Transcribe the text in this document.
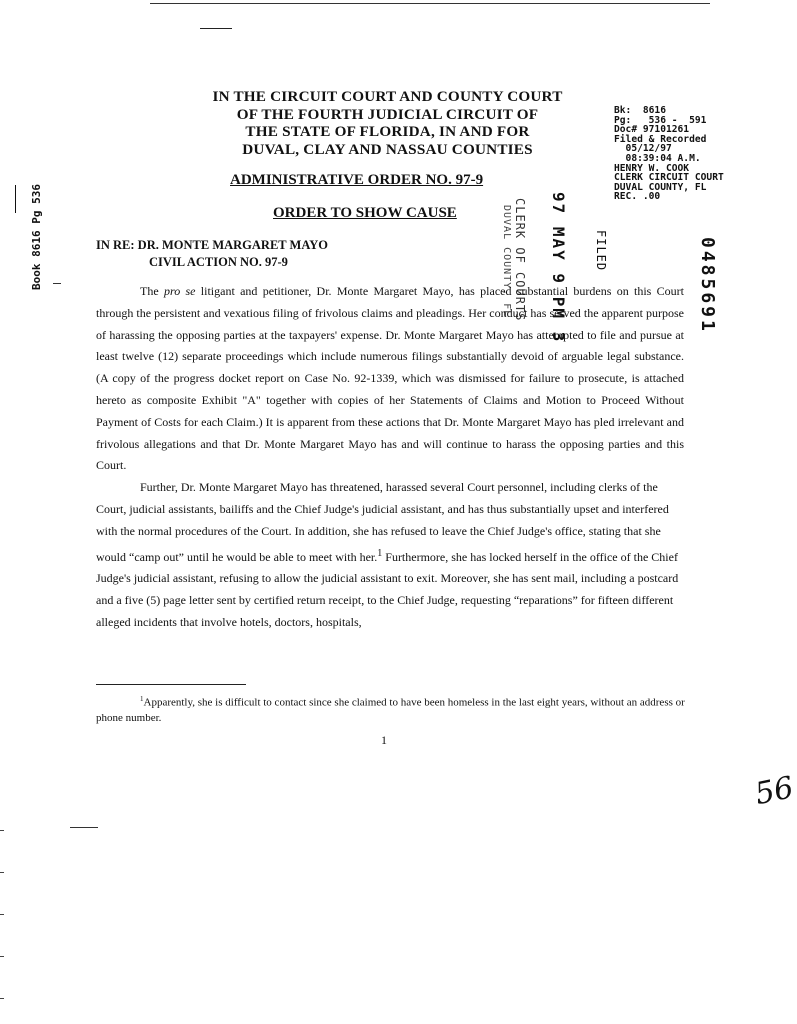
IN THE CIRCUIT COURT AND COUNTY COURT
OF THE FOURTH JUDICIAL CIRCUIT OF
THE STATE OF FLORIDA, IN AND FOR
DUVAL, CLAY AND NASSAU COUNTIES
Bk:  8616
Pg:   536 -  591
Doc# 97101261
Filed & Recorded
05/12/97
08:39:04 A.M.
HENRY W. COOK
CLERK CIRCUIT COURT
DUVAL COUNTY, FL
REC. .00
ADMINISTRATIVE ORDER NO. 97-9
ORDER TO SHOW CAUSE	DUVAL COUNTY, FL CLERK OF COURTS 97 MAY 9 PM 3 FILED	0485691
Book 8616 Pg 536	IN RE: DR. MONTE MARGARET MAYO
CIVIL ACTION NO. 97-9

The pro se litigant and petitioner, Dr. Monte Margaret Mayo, has placed substantial burdens on this Court through the persistent and vexatious filing of frivolous claims and pleadings. Her conduct has served the apparent purpose of harassing the opposing parties at the taxpayers' expense. Dr. Monte Margaret Mayo has attempted to file and pursue at least twelve (12) separate proceedings which include numerous filings substantially devoid of arguable legal substance. (A copy of the progress docket report on Case No. 92-1339, which was dismissed for failure to prosecute, is attached hereto as composite Exhibit "A" together with copies of her Statements of Claims and Motion to Proceed Without Payment of Costs for each Claim.) It is apparent from these actions that Dr. Monte Margaret Mayo has pled irrelevant and frivolous allegations and that Dr. Monte Margaret Mayo has and will continue to harass the opposing parties and this Court.

Further, Dr. Monte Margaret Mayo has threatened, harassed several Court personnel, including clerks of the Court, judicial assistants, bailiffs and the Chief Judge's judicial assistant, and has thus substantially upset and interfered with the normal procedures of the Court. In addition, she has refused to leave the Chief Judge's office, stating that she would “camp out” until he would be able to meet with her.$^1$ Furthermore, she has locked herself in the office of the Chief Judge's judicial assistant, refusing to allow the judicial assistant to exit. Moreover, she has sent mail, including a postcard and a five (5) page letter sent by certified return receipt, to the Chief Judge, requesting “reparations” for fifteen different alleged incidents that involve hotels, doctors, hospitals,

$^1$Apparently, she is difficult to contact since she claimed to have been homeless in the last eight years, without an address or phone number.
1
56
